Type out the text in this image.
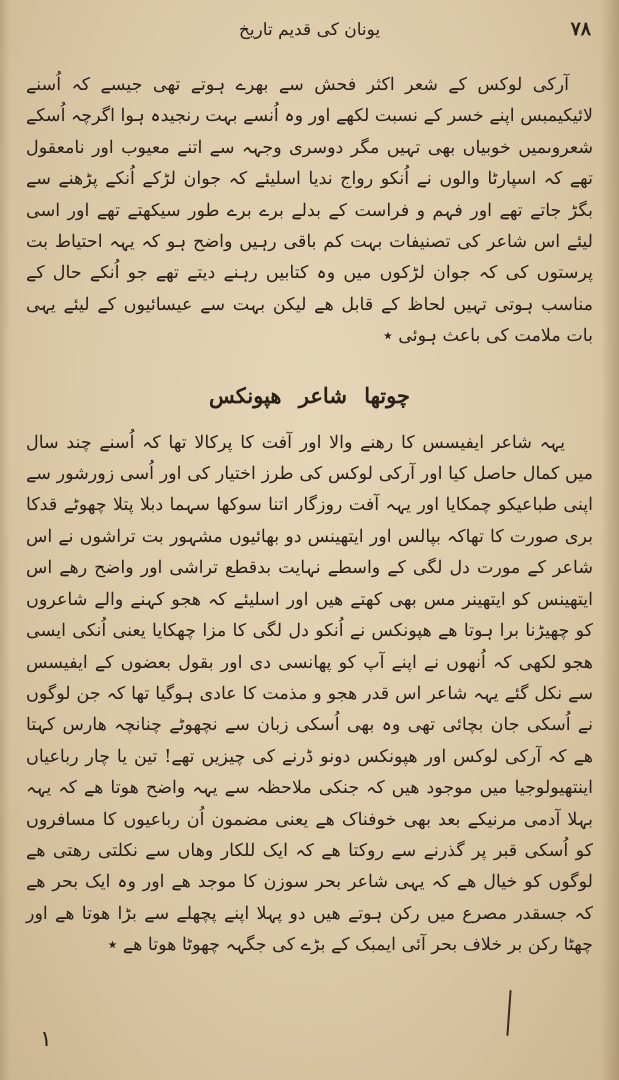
٧٨
یونان کی قدیم تاریخ

آرکی لوکس کے شعر اکثر فحش سے بھرے ہوتے تھی جیسے کہ اُسنے لائیکیمبس اپنے خسر کے نسبت لکھے اور وہ اُنسے بہت رنجیدہ ہوا اگرچہ اُسکے شعروںمیں خوبیاں بھی تہیں مگر دوسری وجہہ سے اتنے معیوب اور نامعقول تھے کہ اسپارٹا والوں نے اُنکو رواج ندیا اسلیئے کہ جوان لڑکے اُنکے پڑھنے سے بگڑ جاتے تھے اور فہم و فراست کے بدلے برے برے طور سیکھتے تھے اور اسی لیئے اس شاعر کی تصنیفات بہت کم باقی رہیں واضح ہو کہ یہہ احتیاط بت پرستوں کی کہ جوان لڑکوں میں وہ کتابیں رہنے دیتے تھے جو اُنکے حال کے مناسب ہوتی تہیں لحاظ کے قابل ھے لیکن بہت سے عیسائیوں کے لیئے یہی بات ملامت کی باعث ہوئی ٭

چوتھا شاعر هپونکس

یہہ شاعر ایفیسس کا رهنے والا اور آفت کا پرکالا تھا کہ اُسنے چند سال میں کمال حاصل کیا اور آرکی لوکس کی طرز اختیار کی اور اُسی زورشور سے اپنی طباعیکو چمکایا اور یہہ آفت روزگار اتنا سوکھا سہما دبلا پتلا چھوٹے قدکا بری صورت کا تھاکہ بپالس اور ایتھینس دو بھائیوں مشہور بت تراشوں نے اس شاعر کے مورت دل لگی کے واسطے نہایت بدقطع تراشی اور واضح رهے اس ایتھینس کو ایتھینر مس بھی کهتے هیں اور اسلیئے کہ هجو کہنے والے شاعروں کو چھیڑنا برا ہوتا ھے هپونکس نے اُنکو دل لگی کا مزا چھکایا یعنی اُنکی ایسی هجو لکھی کہ اُنھوں نے اپنے آپ کو پھانسی دی اور بقول بعضوں کے ایفیسس سے نکل گئے یہہ شاعر اس قدر هجو و مذمت کا عادی ہوگیا تھا کہ جن لوگوں نے اُسکی جان بچائی تھی وہ بھی اُسکی زبان سے نچھوٹے چنانچہ هارس کہتا ھے کہ آرکی لوکس اور هپونکس دونو ڈرنے کی چیزیں تھے! تین یا چار رباعیاں اینتھیولوجیا میں موجود هیں کہ جنکی ملاحظہ سے یہہ واضح هوتا ھے کہ یہہ بہلا آدمی مرنیکے بعد بھی خوفناک ھے یعنی مضمون اُن رباعیوں کا مسافروں کو اُسکی قبر پر گذرنے سے روکتا ھے کہ ایک للکار وهاں سے نکلتی رهتی ھے لوگوں کو خیال ھے کہ یہی شاعر بحر سوزن کا موجد ھے اور وہ ایک بحر ھے کہ جسقدر مصرع میں رکن ہوتے هیں دو پہلا اپنے پچھلے سے بڑا هوتا ھے اور چھٹا رکن بر خلاف بحر آئی ایمبک کے بڑے کی جگہہ چھوٹا هوتا ھے ٭

١
